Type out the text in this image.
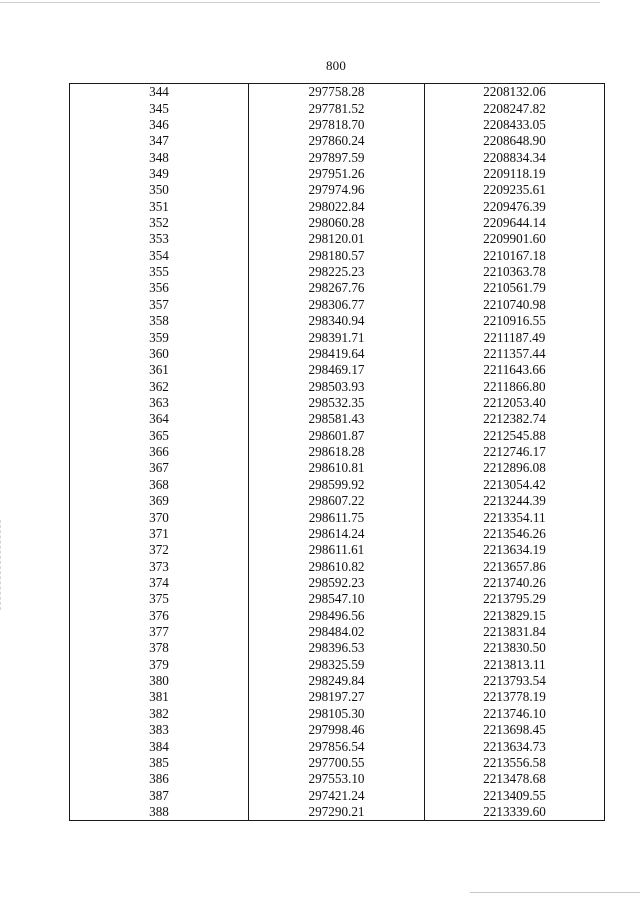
800
344	297758.28	2208132.06
345	297781.52	2208247.82
346	297818.70	2208433.05
347	297860.24	2208648.90
348	297897.59	2208834.34
349	297951.26	2209118.19
350	297974.96	2209235.61
351	298022.84	2209476.39
352	298060.28	2209644.14
353	298120.01	2209901.60
354	298180.57	2210167.18
355	298225.23	2210363.78
356	298267.76	2210561.79
357	298306.77	2210740.98
358	298340.94	2210916.55
359	298391.71	2211187.49
360	298419.64	2211357.44
361	298469.17	2211643.66
362	298503.93	2211866.80
363	298532.35	2212053.40
364	298581.43	2212382.74
365	298601.87	2212545.88
366	298618.28	2212746.17
367	298610.81	2212896.08
368	298599.92	2213054.42
369	298607.22	2213244.39
370	298611.75	2213354.11
371	298614.24	2213546.26
372	298611.61	2213634.19
373	298610.82	2213657.86
374	298592.23	2213740.26
375	298547.10	2213795.29
376	298496.56	2213829.15
377	298484.02	2213831.84
378	298396.53	2213830.50
379	298325.59	2213813.11
380	298249.84	2213793.54
381	298197.27	2213778.19
382	298105.30	2213746.10
383	297998.46	2213698.45
384	297856.54	2213634.73
385	297700.55	2213556.58
386	297553.10	2213478.68
387	297421.24	2213409.55
388	297290.21	2213339.60
